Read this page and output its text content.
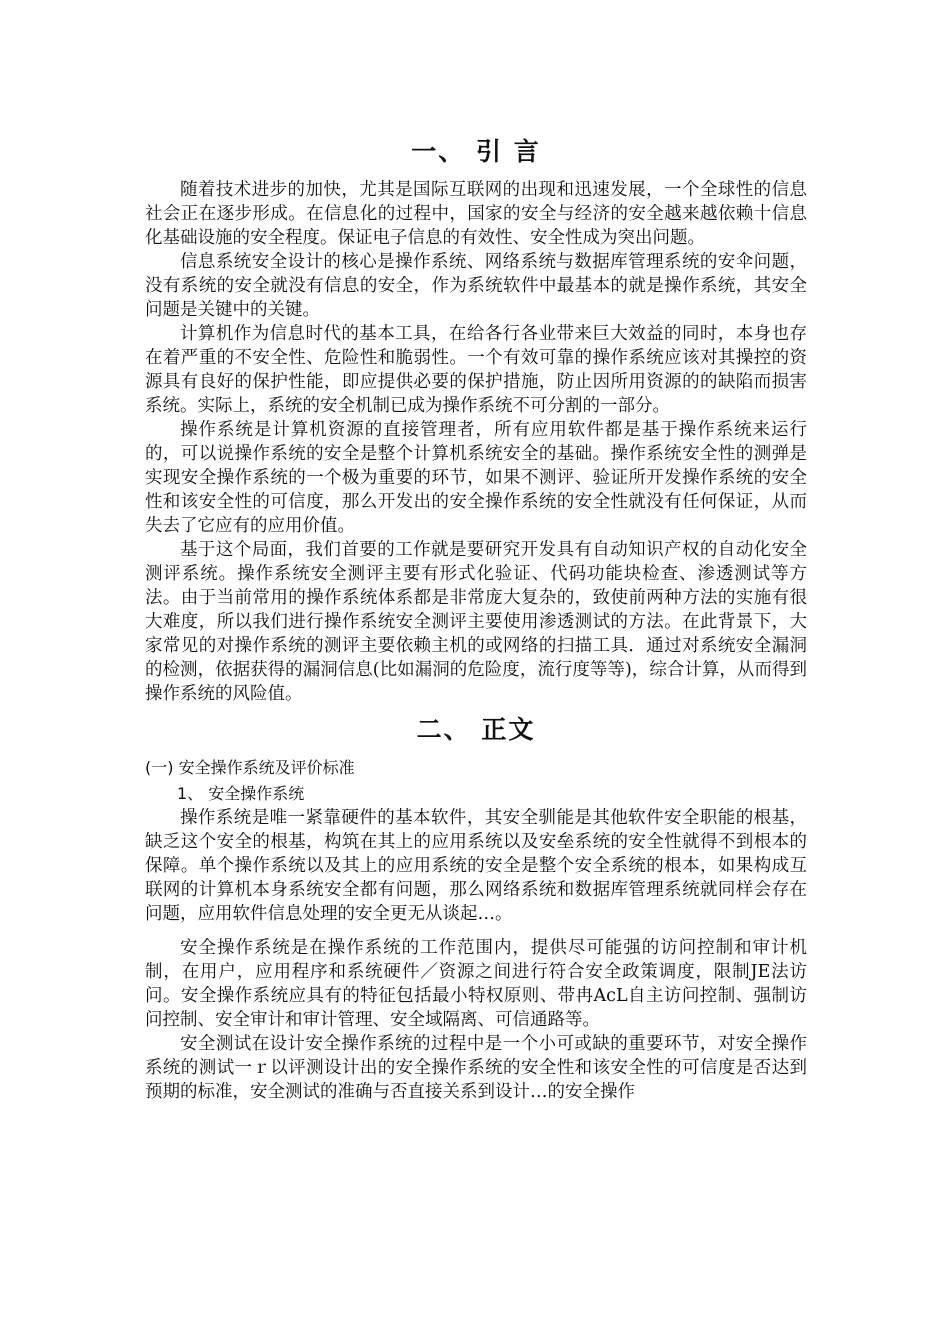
一、 引 言

随着技术进步的加快，尤其是国际互联网的出现和迅速发展，一个全球性的信息社会正在逐步形成。在信息化的过程中，国家的安全与经济的安全越来越依赖十信息化基础设施的安全程度。保证电子信息的有效性、安全性成为突出问题。

信息系统安全设计的核心是操作系统、网络系统与数据库管理系统的安伞问题，没有系统的安全就没有信息的安全，作为系统软件中最基本的就是操作系统，其安全问题是关键中的关键。

计算机作为信息时代的基本工具，在给各行各业带来巨大效益的同时，本身也存在着严重的不安全性、危险性和脆弱性。一个有效可靠的操作系统应该对其操控的资源具有良好的保护性能，即应提供必要的保护措施，防止因所用资源的的缺陷而损害系统。实际上，系统的安全机制已成为操作系统不可分割的一部分。

操作系统是计算机资源的直接管理者，所有应用软件都是基于操作系统来运行的，可以说操作系统的安全是整个计算机系统安全的基础。操作系统安全性的测弹是实现安全操作系统的一个极为重要的环节，如果不测评、验证所开发操作系统的安全性和该安全性的可信度，那么开发出的安全操作系统的安全性就没有任何保证，从而失去了它应有的应用价值。

基于这个局面，我们首要的工作就是要研究开发具有自动知识产权的自动化安全测评系统。操作系统安全测评主要有形式化验证、代码功能块检查、渗透测试等方法。由于当前常用的操作系统体系都是非常庞大复杂的，致使前两种方法的实施有很大难度，所以我们进行操作系统安全测评主要使用渗透测试的方法。在此背景下，大家常见的对操作系统的测评主要依赖主机的或网络的扫描工具．通过对系统安全漏洞的检测，依据获得的漏洞信息(比如漏洞的危险度，流行度等等)，综合计算，从而得到操作系统的风险值。

二、 正文
(一) 安全操作系统及评价标准
1、 安全操作系统

操作系统是唯一紧靠硬件的基本软件，其安全驯能是其他软件安全职能的根基，缺乏这个安全的根基，构筑在其上的应用系统以及安垒系统的安全性就得不到根本的保障。单个操作系统以及其上的应用系统的安全是整个安全系统的根本，如果构成互联网的计算机本身系统安全都有问题，那么网络系统和数据库管理系统就同样会存在问题，应用软件信息处理的安全更无从谈起…。

安全操作系统是在操作系统的工作范围内，提供尽可能强的访问控制和审计机制，在用户，应用程序和系统硬件／资源之间进行符合安全政策调度，限制JE法访问。安全操作系统应具有的特征包括最小特权原则、带冉AcL自主访问控制、强制访问控制、安全审计和审计管理、安全域隔离、可信通路等。

安全测试在设计安全操作系统的过程中是一个小可或缺的重要环节，对安全操作系统的测试一ｒ以评测设计出的安全操作系统的安全性和该安全性的可信度是否达到预期的标准，安全测试的准确与否直接关系到设计…的安全操作
